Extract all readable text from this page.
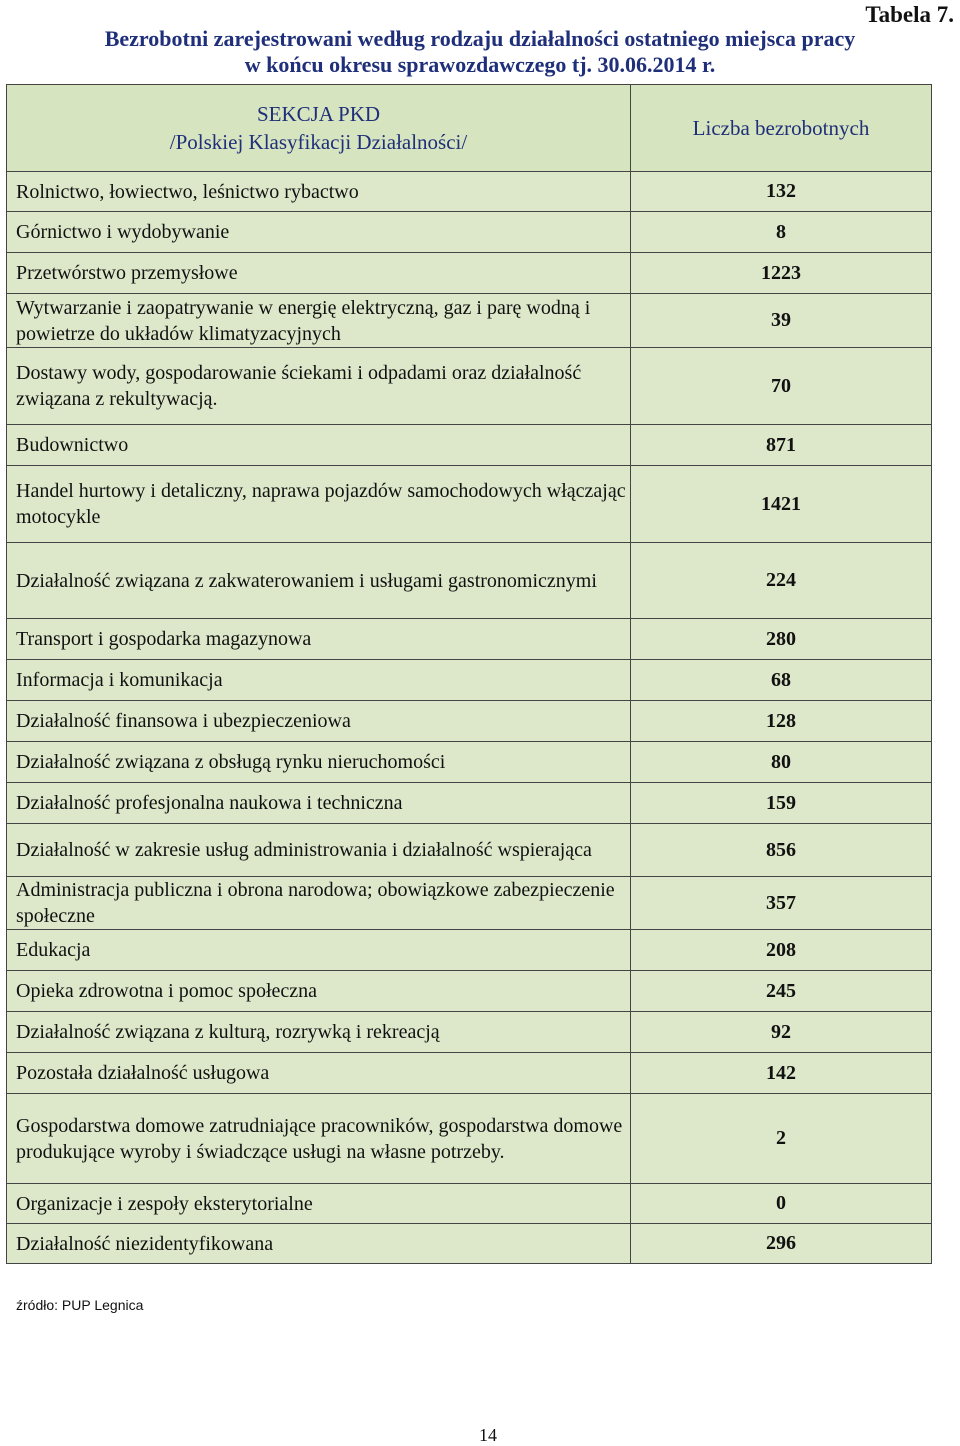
Tabela 7.
Bezrobotni zarejestrowani według rodzaju działalności ostatniego miejsca pracy
w końcu okresu sprawozdawczego tj. 30.06.2014 r.
SEKCJA PKD
/Polskiej Klasyfikacji Działalności/	Liczba bezrobotnych
Rolnictwo, łowiectwo, leśnictwo rybactwo	132
Górnictwo i wydobywanie	8
Przetwórstwo przemysłowe	1223
Wytwarzanie i zaopatrywanie w energię elektryczną, gaz i parę wodną i powietrze do układów klimatyzacyjnych	39
Dostawy wody, gospodarowanie ściekami i odpadami oraz działalność związana z rekultywacją.	70
Budownictwo	871
Handel hurtowy i detaliczny, naprawa pojazdów samochodowych włączając motocykle	1421
Działalność związana z zakwaterowaniem i usługami gastronomicznymi	224
Transport i gospodarka magazynowa	280
Informacja i komunikacja	68
Działalność finansowa i ubezpieczeniowa	128
Działalność związana z obsługą rynku nieruchomości	80
Działalność profesjonalna naukowa i techniczna	159
Działalność w zakresie usług administrowania i działalność wspierająca	856
Administracja publiczna i obrona narodowa; obowiązkowe zabezpieczenie społeczne	357
Edukacja	208
Opieka zdrowotna i pomoc społeczna	245
Działalność związana z kulturą, rozrywką i rekreacją	92
Pozostała działalność usługowa	142
Gospodarstwa domowe zatrudniające pracowników, gospodarstwa domowe produkujące wyroby i świadczące usługi na własne potrzeby.	2
Organizacje i zespoły eksterytorialne	0
Działalność niezidentyfikowana	296
źródło: PUP Legnica
14
